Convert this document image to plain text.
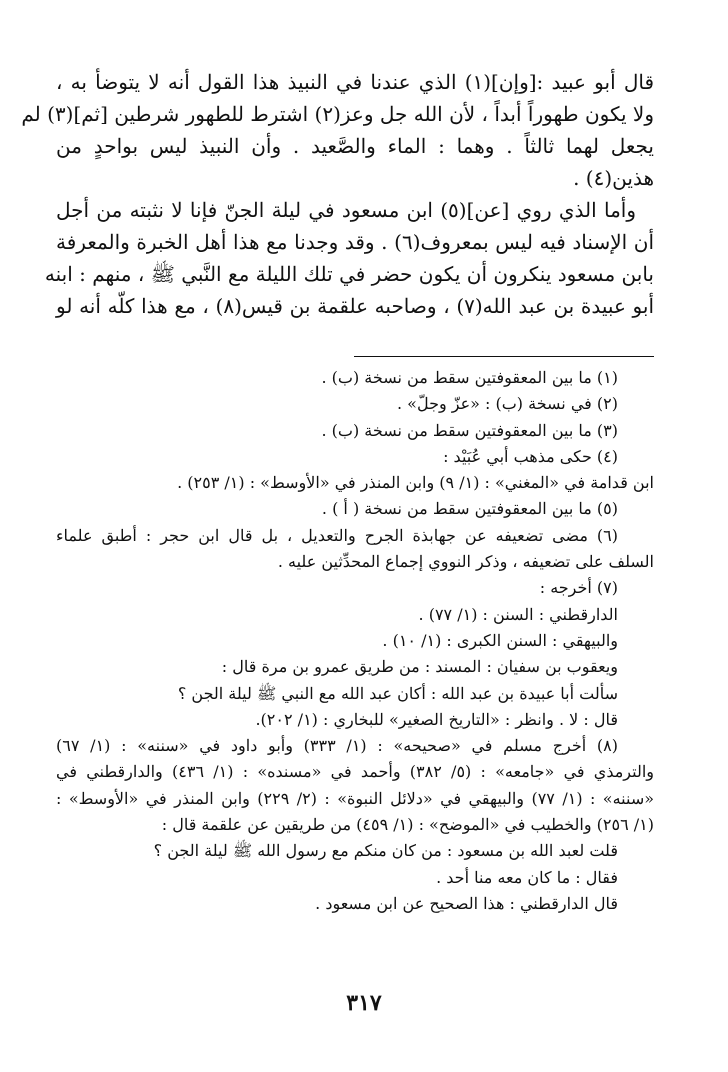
قال أبو عبيد :[وإن](١) الذي عندنا في النبيذ هذا القول أنه لا يتوضأ به ،
ولا يكون طهوراً أبداً ، لأن الله جل وعز(٢) اشترط للطهور شرطين [ثم](٣) لم
يجعل لهما ثالثاً . وهما : الماء والصَّعيد . وأن النبيذ ليس بواحدٍ من
هذين(٤) .
وأما الذي روي [عن](٥) ابن مسعود في ليلة الجنّ فإنا لا نثبته من أجل
أن الإسناد فيه ليس بمعروف(٦) . وقد وجدنا مع هذا أهل الخبرة والمعرفة
بابن مسعود ينكرون أن يكون حضر في تلك الليلة مع النَّبي ﷺ ، منهم : ابنه
أبو عبيدة بن عبد الله(٧) ، وصاحبه علقمة بن قيس(٨) ، مع هذا كلّه أنه لو
(١) ما بين المعقوفتين سقط من نسخة (ب) .
(٢) في نسخة (ب) : «عزّ وجلّ» .
(٣) ما بين المعقوفتين سقط من نسخة (ب) .
(٤) حكى مذهب أبي عُبَيْد :
ابن قدامة في «المغني» : (١/ ٩) وابن المنذر في «الأوسط» : (١/ ٢٥٣) .
(٥) ما بين المعقوفتين سقط من نسخة ( أ ) .
(٦) مضى تضعيفه عن جهابذة الجرح والتعديل ، بل قال ابن حجر : أطبق علماء
السلف على تضعيفه ، وذكر النووي إجماع المحدِّثين عليه .
(٧) أخرجه :
الدارقطني : السنن : (١/ ٧٧) .
والبيهقي : السنن الكبرى : (١/ ١٠) .
ويعقوب بن سفيان : المسند : من طريق عمرو بن مرة قال :
سألت أبا عبيدة بن عبد الله : أكان عبد الله مع النبي ﷺ ليلة الجن ؟
قال : لا . وانظر : «التاريخ الصغير» للبخاري : (١/ ٢٠٢).
(٨) أخرج مسلم في «صحيحه» : (١/ ٣٣٣) وأبو داود في «سننه» : (١/ ٦٧)
والترمذي في «جامعه» : (٥/ ٣٨٢) وأحمد في «مسنده» : (١/ ٤٣٦) والدارقطني في
«سننه» : (١/ ٧٧) والبيهقي في «دلائل النبوة» : (٢/ ٢٢٩) وابن المنذر في «الأوسط» :
(١/ ٢٥٦) والخطيب في «الموضح» : (١/ ٤٥٩) من طريقين عن علقمة قال :
قلت لعبد الله بن مسعود : من كان منكم مع رسول الله ﷺ ليلة الجن ؟
فقال : ما كان معه منا أحد .
قال الدارقطني : هذا الصحيح عن ابن مسعود .
٣١٧
